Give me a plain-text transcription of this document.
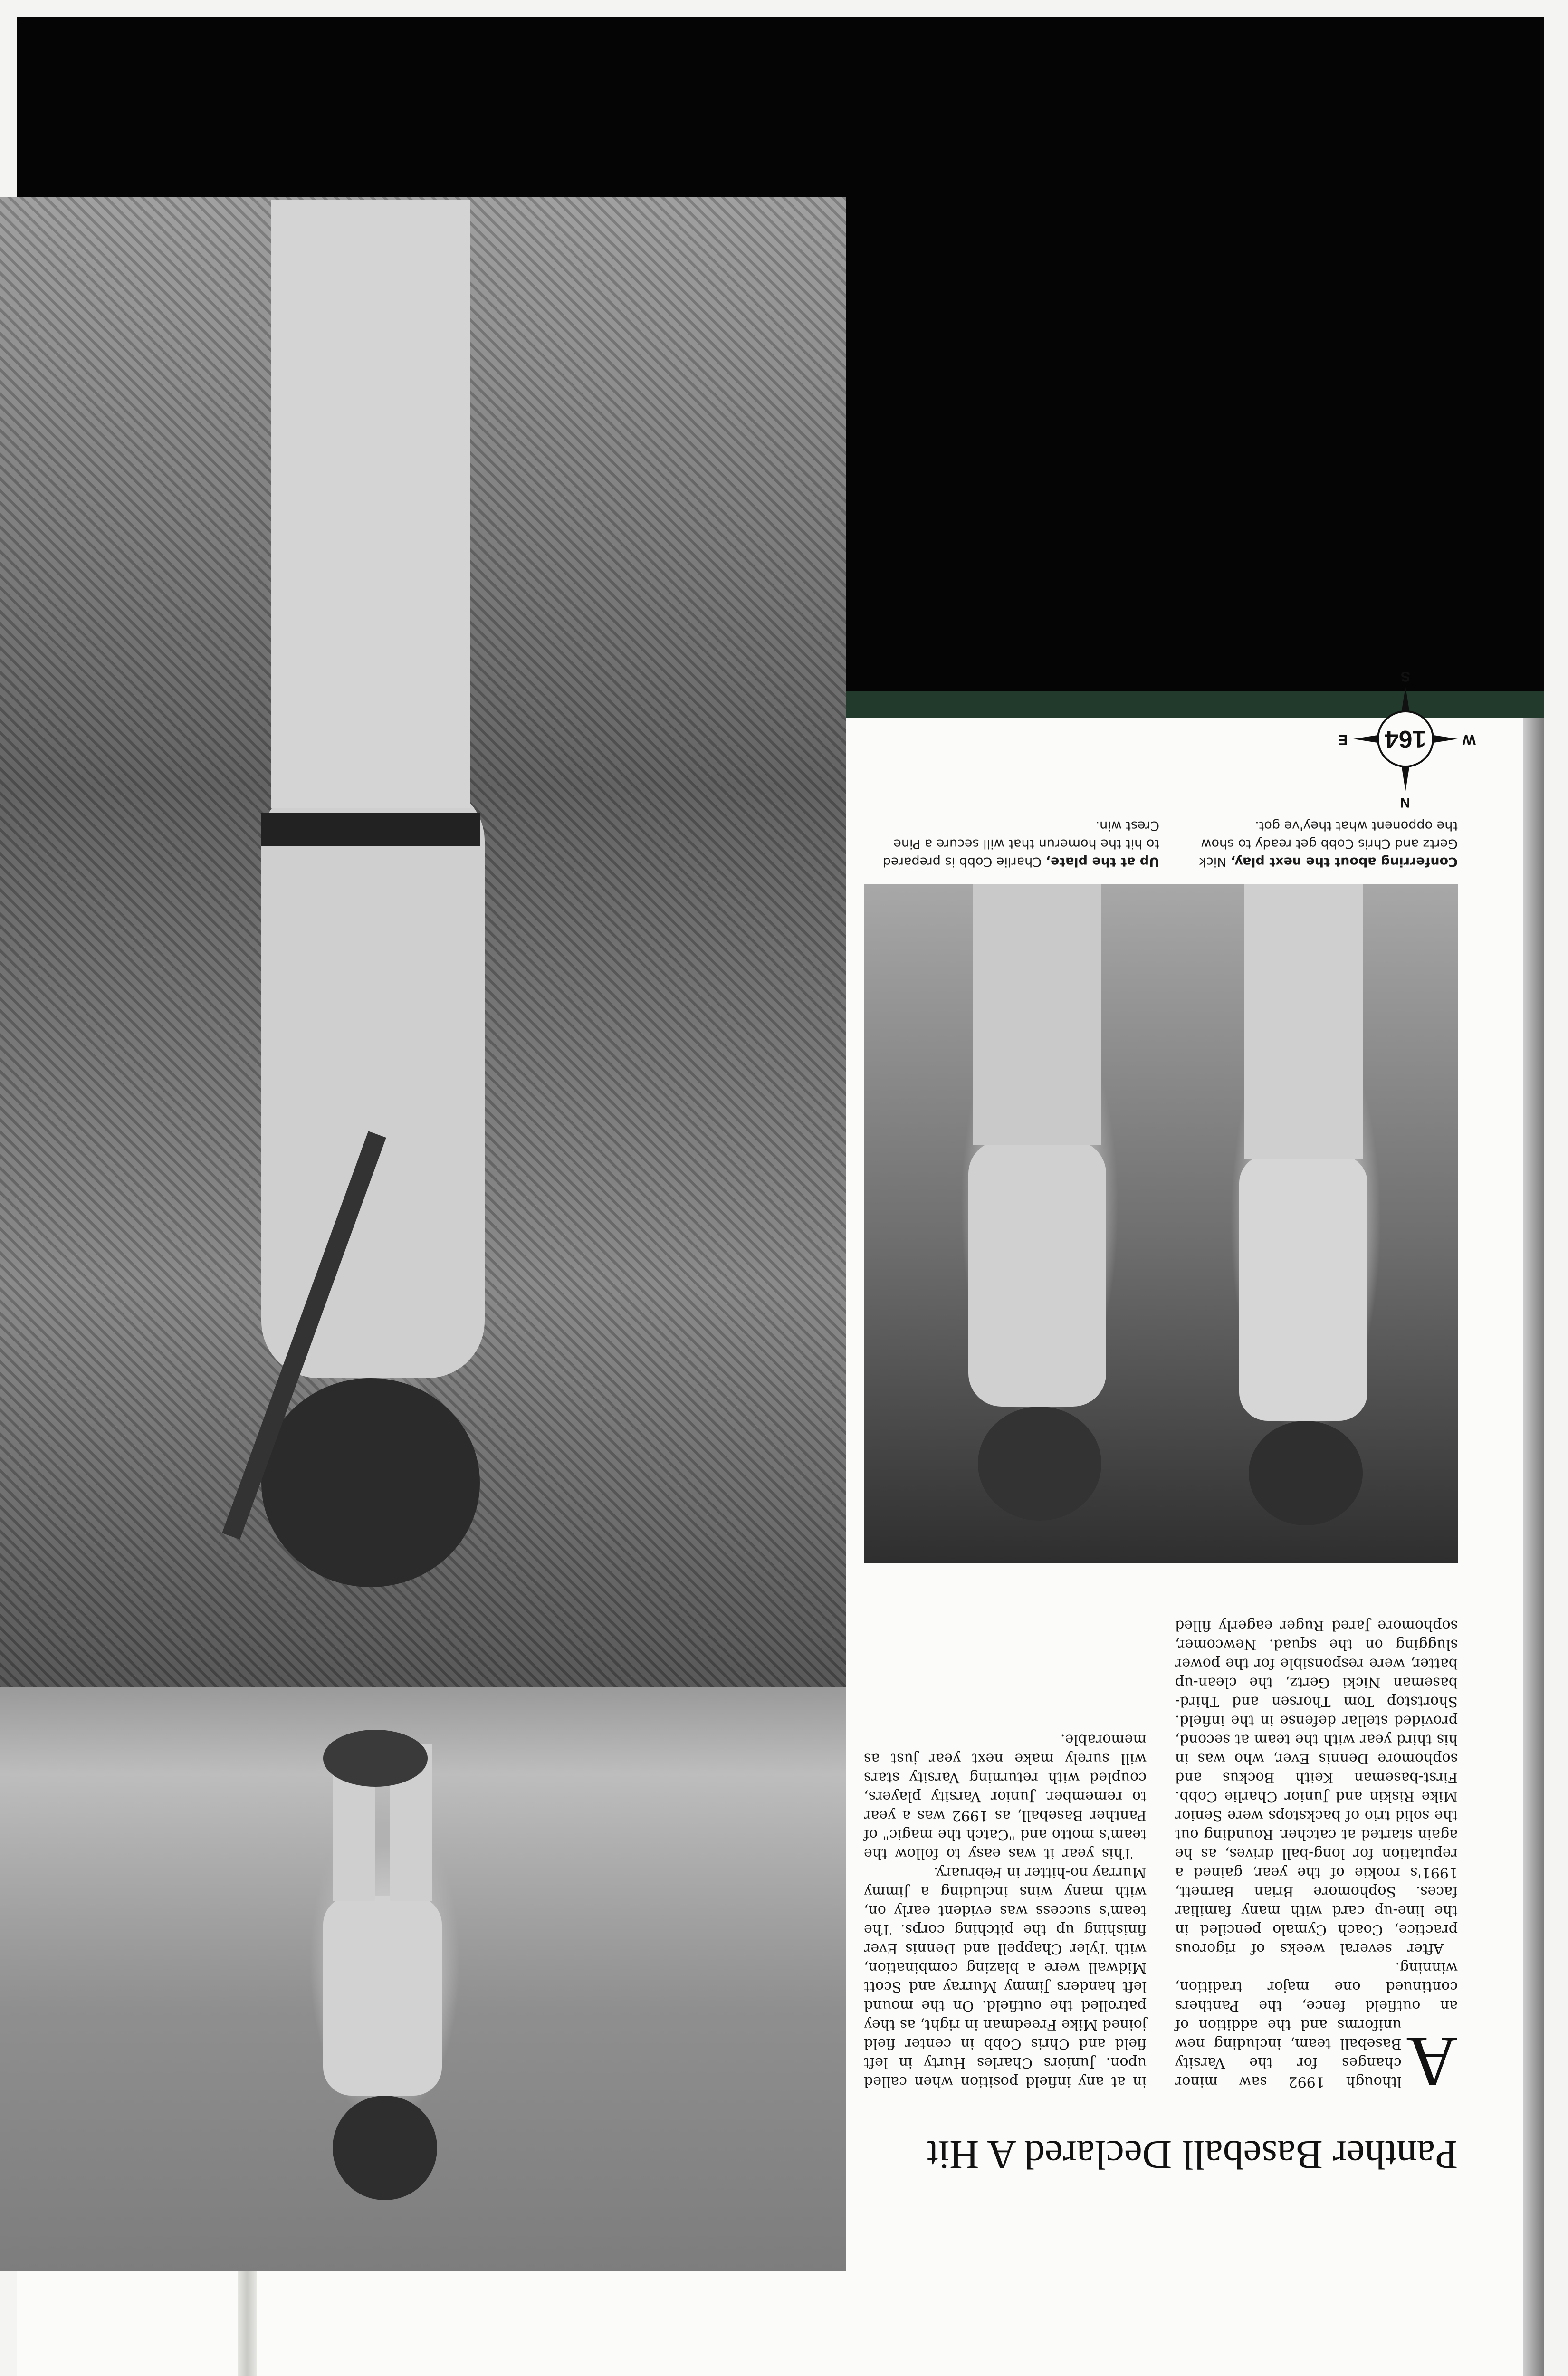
Panther Baseball Declared A Hit

A
lthough 1992 saw minor changes for the Varsity Baseball team, including new uniforms and the addition of an outfield fence, the Panthers continued one major tradition, winning.

After several weeks of rigorous practice, Coach Cymalo penciled in the line-up card with many familiar faces. Sophomore Brian Barnett, 1991's rookie of the year, gained a reputation for long-ball drives, as he again started at catcher. Rounding out the solid trio of backstops were Senior Mike Riskin and Junior Charlie Cobb. First-baseman Keith Bockus and sophomore Dennis Ever, who was in his third year with the team at second, provided stellar defense in the infield. Shortstop Tom Thorsen and Third-baseman Nicki Gertz, the clean-up batter, were responsible for the power slugging on the squad. Newcomer, sophomore Jared Ruger eagerly filled in at any infield position when called upon. Juniors Charles Hurty in left field and Chris Cobb in center field joined Mike Freedman in right, as they patrolled the outfield. On the mound left handers Jimmy Murray and Scott Midwall were a blazing combination, with Tyler Chappell and Dennis Ever finishing up the pitching corps. The team's success was evident early on, with many wins including a Jimmy Murray no-hitter in February.

This year it was easy to follow the team's motto and "Catch the magic" of Panther Baseball, as 1992 was a year to remember. Junior Varsity players, coupled with returning Varsity stars will surely make next year just as memorable.

Conferring about the next play, Nick Gertz and Chris Cobb get ready to show the opponent what they've got.
Up at the plate, Charlie Cobb is prepared to hit the homerun that will secure a Pine Crest win.
164
N
S
E	W
